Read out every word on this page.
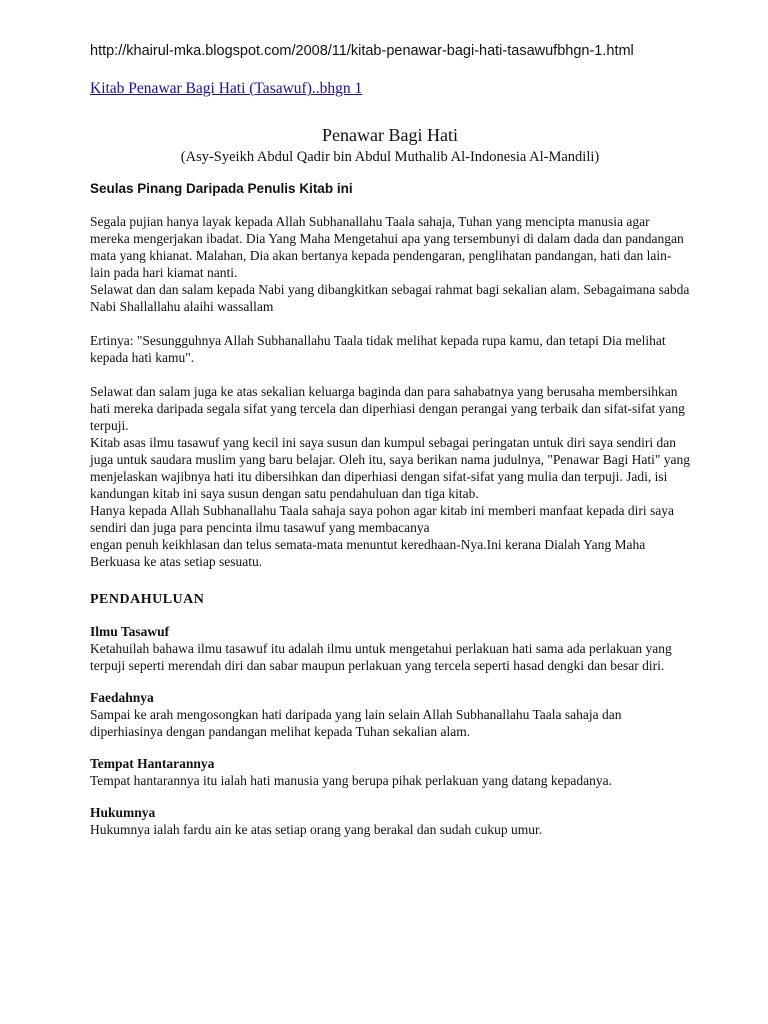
http://khairul-mka.blogspot.com/2008/11/kitab-penawar-bagi-hati-tasawufbhgn-1.html
Kitab Penawar Bagi Hati (Tasawuf)..bhgn 1
Penawar Bagi Hati
(Asy-Syeikh Abdul Qadir bin Abdul Muthalib Al-Indonesia Al-Mandili)
Seulas Pinang Daripada Penulis Kitab ini

Segala pujian hanya layak kepada Allah Subhanallahu Taala sahaja, Tuhan yang mencipta manusia agar mereka mengerjakan ibadat. Dia Yang Maha Mengetahui apa yang tersembunyi di dalam dada dan pandangan mata yang khianat. Malahan, Dia akan bertanya kepada pendengaran, penglihatan pandangan, hati dan lain-lain pada hari kiamat nanti.

Selawat dan dan salam kepada Nabi yang dibangkitkan sebagai rahmat bagi sekalian alam. Sebagaimana sabda Nabi Shallallahu alaihi wassallam

Ertinya: "Sesungguhnya Allah Subhanallahu Taala tidak melihat kepada rupa kamu, dan tetapi Dia melihat kepada hati kamu".

Selawat dan salam juga ke atas sekalian keluarga baginda dan para sahabatnya yang berusaha membersihkan hati mereka daripada segala sifat yang tercela dan diperhiasi dengan perangai yang terbaik dan sifat-sifat yang terpuji.

Kitab asas ilmu tasawuf yang kecil ini saya susun dan kumpul sebagai peringatan untuk diri saya sendiri dan juga untuk saudara muslim yang baru belajar. Oleh itu, saya berikan nama judulnya, "Penawar Bagi Hati" yang menjelaskan wajibnya hati itu dibersihkan dan diperhiasi dengan sifat-sifat yang mulia dan terpuji. Jadi, isi kandungan kitab ini saya susun dengan satu pendahuluan dan tiga kitab.

Hanya kepada Allah Subhanallahu Taala sahaja saya pohon agar kitab ini memberi manfaat kepada diri saya sendiri dan juga para pencinta ilmu tasawuf yang membacanya

engan penuh keikhlasan dan telus semata-mata menuntut keredhaan-Nya.Ini kerana Dialah Yang Maha Berkuasa ke atas setiap sesuatu.

PENDAHULUAN
Ilmu Tasawuf

Ketahuilah bahawa ilmu tasawuf itu adalah ilmu untuk mengetahui perlakuan hati sama ada perlakuan yang terpuji seperti merendah diri dan sabar maupun perlakuan yang tercela seperti hasad dengki dan besar diri.

Faedahnya

Sampai ke arah mengosongkan hati daripada yang lain selain Allah Subhanallahu Taala sahaja dan diperhiasinya dengan pandangan melihat kepada Tuhan sekalian alam.

Tempat Hantarannya

Tempat hantarannya itu ialah hati manusia yang berupa pihak perlakuan yang datang kepadanya.

Hukumnya

Hukumnya ialah fardu ain ke atas setiap orang yang berakal dan sudah cukup umur.
